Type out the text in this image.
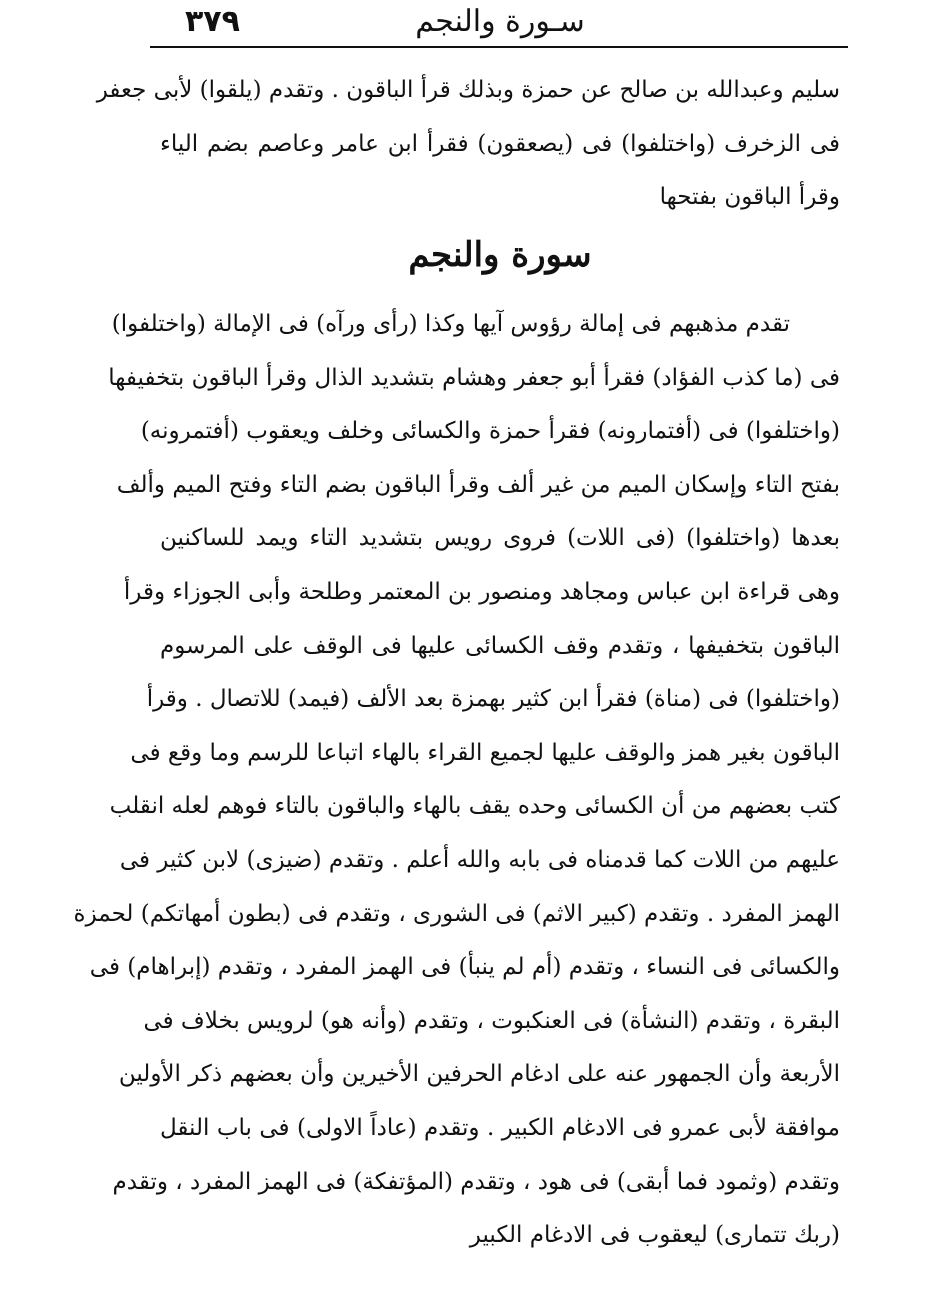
٣٧٩	سـورة والنجم
سليم وعبدالله بن صالح عن حمزة وبذلك قرأ الباقون . وتقدم (يلقوا) لأبى جعفر
فى الزخرف (واختلفوا) فى (يصعقون) فقرأ ابن عامر وعاصم بضم الياء
وقرأ الباقون بفتحها
سورة والنجم
تقدم مذهبهم فى إمالة رؤوس آيها وكذا (رأى ورآه) فى الإمالة (واختلفوا)
فى (ما كذب الفؤاد) فقرأ أبو جعفر وهشام بتشديد الذال وقرأ الباقون بتخفيفها
(واختلفوا) فى (أفتمارونه) فقرأ حمزة والكسائى وخلف ويعقوب (أفتمرونه)
بفتح التاء وإسكان الميم من غير ألف وقرأ الباقون بضم التاء وفتح الميم وألف
بعدها (واختلفوا) (فى اللات) فروى رويس بتشديد التاء ويمد للساكنين
وهى قراءة ابن عباس ومجاهد ومنصور بن المعتمر وطلحة وأبى الجوزاء وقرأ
الباقون بتخفيفها ، وتقدم وقف الكسائى عليها فى الوقف على المرسوم
(واختلفوا) فى (مناة) فقرأ ابن كثير بهمزة بعد الألف (فيمد) للاتصال . وقرأ
الباقون بغير همز والوقف عليها لجميع القراء بالهاء اتباعا للرسم وما وقع فى
كتب بعضهم من أن الكسائى وحده يقف بالهاء والباقون بالتاء فوهم لعله انقلب
عليهم من اللات كما قدمناه فى بابه والله أعلم . وتقدم (ضيزى) لابن كثير فى
الهمز المفرد . وتقدم (كبير الاثم) فى الشورى ، وتقدم فى (بطون أمهاتكم) لحمزة
والكسائى فى النساء ، وتقدم (أم لم ينبأ) فى الهمز المفرد ، وتقدم (إبراهام) فى
البقرة ، وتقدم (النشأة) فى العنكبوت ، وتقدم (وأنه هو) لرويس بخلاف فى
الأربعة وأن الجمهور عنه على ادغام الحرفين الأخيرين وأن بعضهم ذكر الأولين
موافقة لأبى عمرو فى الادغام الكبير . وتقدم (عاداً الاولى) فى باب النقل
وتقدم (وثمود فما أبقى) فى هود ، وتقدم (المؤتفكة) فى الهمز المفرد ، وتقدم
(ربك تتمارى) ليعقوب فى الادغام الكبير
